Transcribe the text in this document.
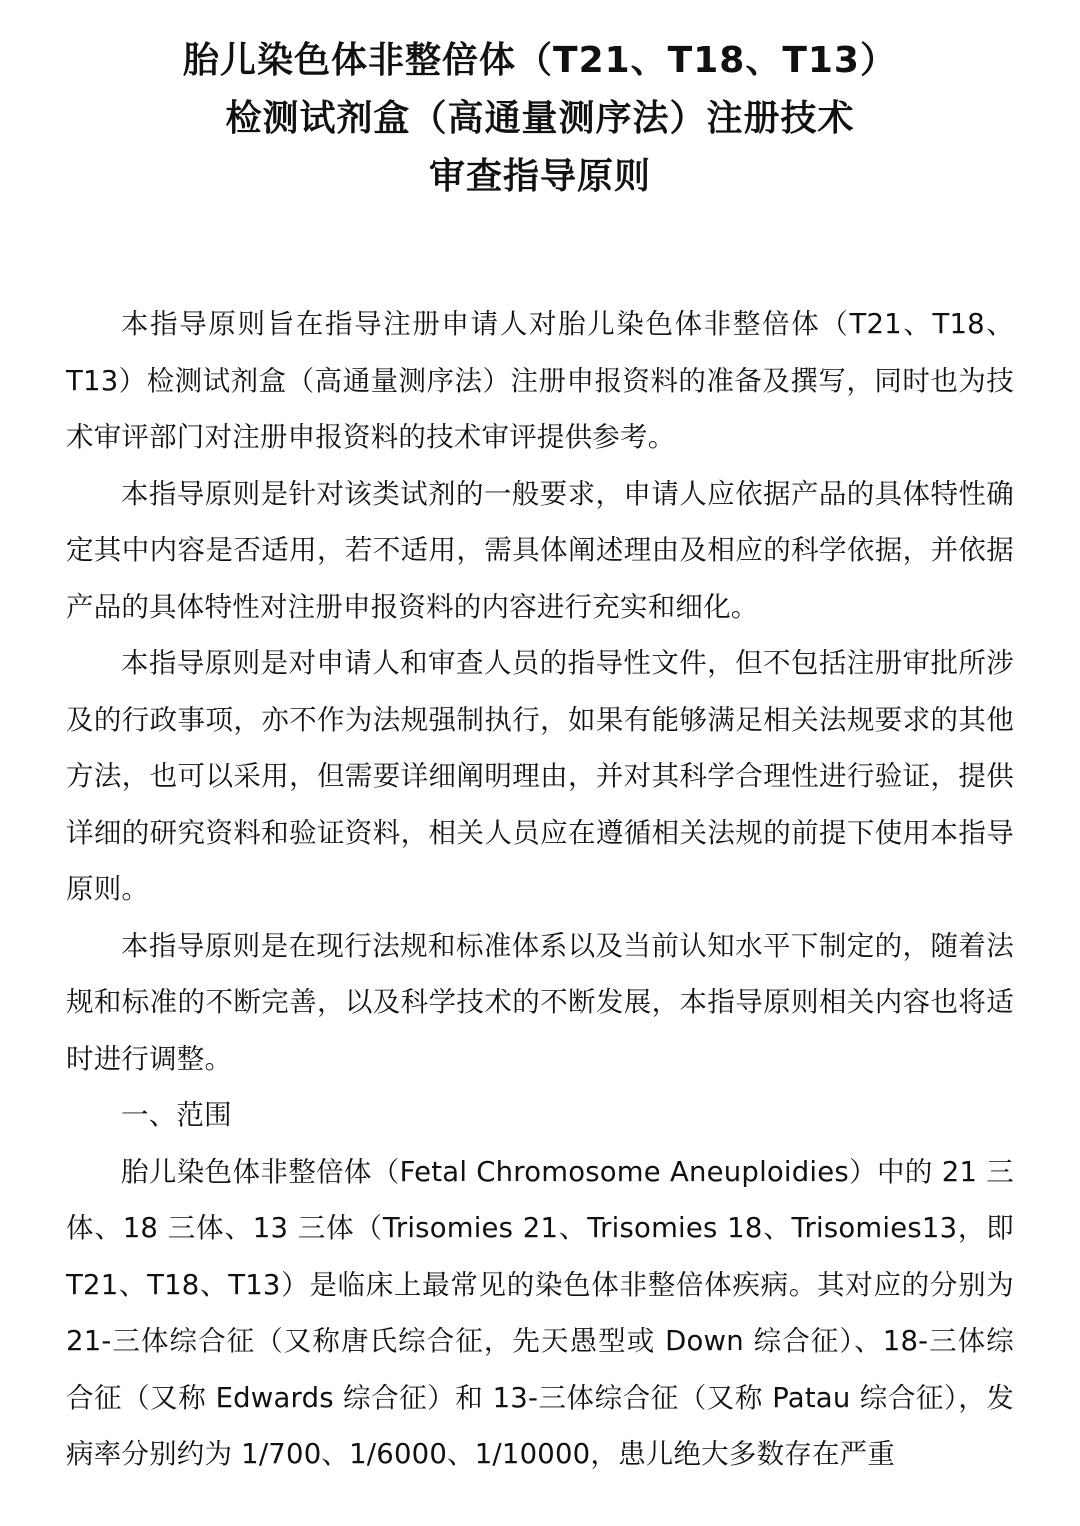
胎儿染色体非整倍体（T21、T18、T13）
检测试剂盒（高通量测序法）注册技术
审查指导原则

本指导原则旨在指导注册申请人对胎儿染色体非整倍体（T21、T18、T13）检测试剂盒（高通量测序法）注册申报资料的准备及撰写，同时也为技术审评部门对注册申报资料的技术审评提供参考。

本指导原则是针对该类试剂的一般要求，申请人应依据产品的具体特性确定其中内容是否适用，若不适用，需具体阐述理由及相应的科学依据，并依据产品的具体特性对注册申报资料的内容进行充实和细化。

本指导原则是对申请人和审查人员的指导性文件，但不包括注册审批所涉及的行政事项，亦不作为法规强制执行，如果有能够满足相关法规要求的其他方法，也可以采用，但需要详细阐明理由，并对其科学合理性进行验证，提供详细的研究资料和验证资料，相关人员应在遵循相关法规的前提下使用本指导原则。

本指导原则是在现行法规和标准体系以及当前认知水平下制定的，随着法规和标准的不断完善，以及科学技术的不断发展，本指导原则相关内容也将适时进行调整。

一、范围

胎儿染色体非整倍体（Fetal Chromosome Aneuploidies）中的 21 三体、18 三体、13 三体（Trisomies 21、Trisomies 18、Trisomies13，即 T21、T18、T13）是临床上最常见的染色体非整倍体疾病。其对应的分别为 21-三体综合征（又称唐氏综合征，先天愚型或 Down 综合征）、18-三体综合征（又称 Edwards 综合征）和 13-三体综合征（又称 Patau 综合征），发病率分别约为 1/700、1/6000、1/10000，患儿绝大多数存在严重
